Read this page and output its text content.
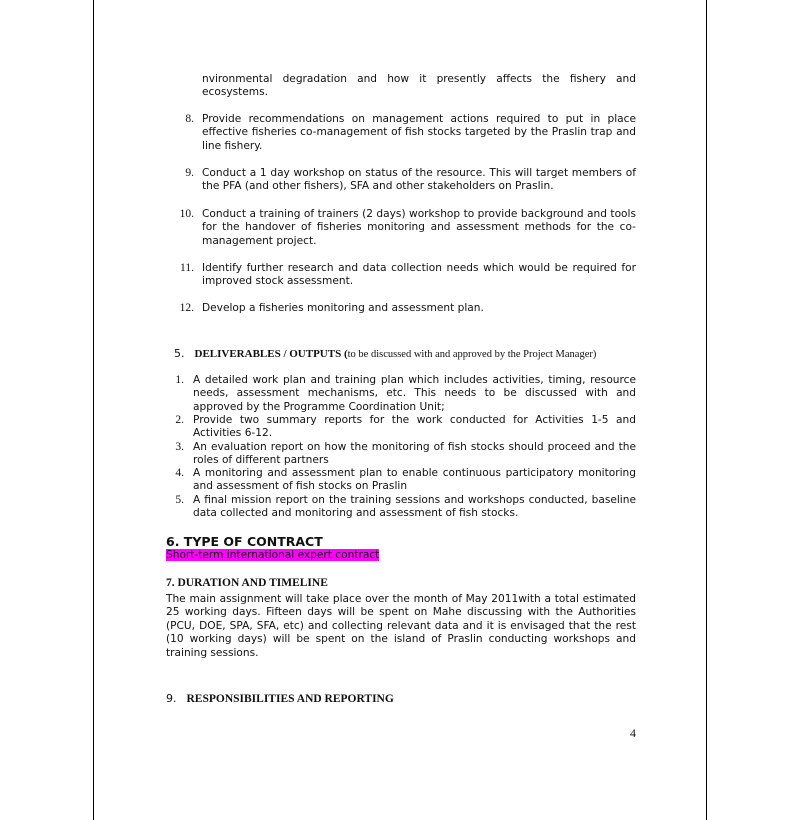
nvironmental degradation and how it presently affects the fishery and ecosystems.
8. Provide recommendations on management actions required to put in place effective fisheries co-management of fish stocks targeted by the Praslin trap and line fishery.
9. Conduct a 1 day workshop on status of the resource. This will target members of the PFA (and other fishers), SFA and other stakeholders on Praslin.
10. Conduct a training of trainers (2 days) workshop to provide background and tools for the handover of fisheries monitoring and assessment methods for the co-management project.
11. Identify further research and data collection needs which would be required for improved stock assessment.
12. Develop a fisheries monitoring and assessment plan.
5. DELIVERABLES / OUTPUTS (to be discussed with and approved by the Project Manager)
1. A detailed work plan and training plan which includes activities, timing, resource needs, assessment mechanisms, etc. This needs to be discussed with and approved by the Programme Coordination Unit;
2. Provide two summary reports for the work conducted for Activities 1-5 and Activities 6-12.
3. An evaluation report on how the monitoring of fish stocks should proceed and the roles of different partners
4. A monitoring and assessment plan to enable continuous participatory monitoring and assessment of fish stocks on Praslin
5. A final mission report on the training sessions and workshops conducted, baseline data collected and monitoring and assessment of fish stocks.
6. TYPE OF CONTRACT
Short-term international expert contract
7. DURATION AND TIMELINE
The main assignment will take place over the month of May 2011with a total estimated 25 working days. Fifteen days will be spent on Mahe discussing with the Authorities (PCU, DOE, SPA, SFA, etc) and collecting relevant data and it is envisaged that the rest (10 working days) will be spent on the island of Praslin conducting workshops and training sessions.
9. RESPONSIBILITIES AND REPORTING
4
